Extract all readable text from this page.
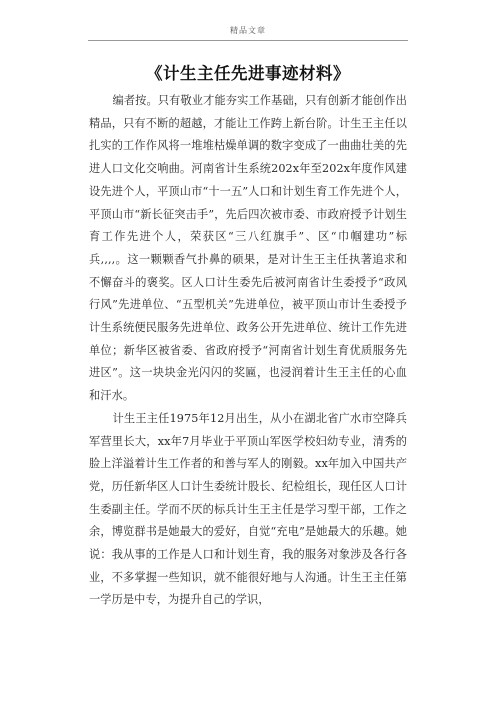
精品文章
《计生主任先进事迹材料》

编者按。只有敬业才能夯实工作基础，只有创新才能创作出精品，只有不断的超越，才能让工作跨上新台阶。计生王主任以扎实的工作作风将一堆堆枯燥单调的数字变成了一曲曲壮美的先进人口文化交响曲。河南省计生系统202x年至202x年度作风建设先进个人，平顶山市“十一五”人口和计划生育工作先进个人，平顶山市“新长征突击手”，先后四次被市委、市政府授予计划生育工作先进个人，荣获区“三八红旗手”、区“巾帼建功”标兵,,,,。这一颗颗香气扑鼻的硕果，是对计生王主任执著追求和不懈奋斗的褒奖。区人口计生委先后被河南省计生委授予“政风行风”先进单位、“五型机关”先进单位，被平顶山市计生委授予计生系统便民服务先进单位、政务公开先进单位、统计工作先进单位；新华区被省委、省政府授予“河南省计划生育优质服务先进区”。这一块块金光闪闪的奖匾，也浸润着计生王主任的心血和汗水。

计生王主任1975年12月出生，从小在湖北省广水市空降兵军营里长大，xx年7月毕业于平顶山军医学校妇幼专业，清秀的脸上洋溢着计生工作者的和善与军人的刚毅。xx年加入中国共产党，历任新华区人口计生委统计股长、纪检组长，现任区人口计生委副主任。学而不厌的标兵计生王主任是学习型干部，工作之余，博览群书是她最大的爱好，自觉“充电”是她最大的乐趣。她说：我从事的工作是人口和计划生育，我的服务对象涉及各行各业，不多掌握一些知识，就不能很好地与人沟通。计生王主任第一学历是中专，为提升自己的学识，
